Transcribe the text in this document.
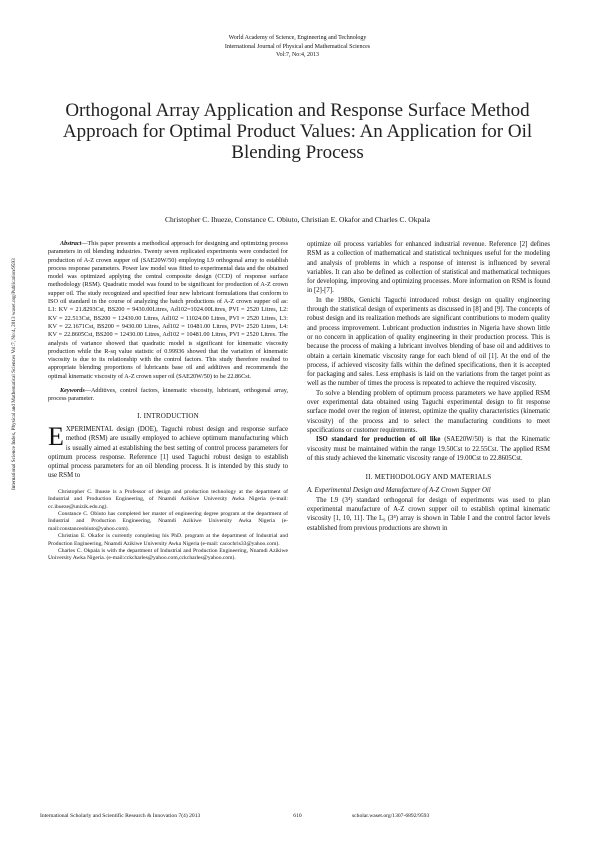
World Academy of Science, Engineering and Technology
International Journal of Physical and Mathematical Sciences
Vol:7, No:4, 2013
International Science Index, Physical and Mathematical Sciences Vol:7, No:4, 2013 waset.org/Publication/9593
Orthogonal Array Application and Response Surface Method Approach for Optimal Product Values: An Application for Oil Blending Process
Christopher C. Ihueze, Constance C. Obiuto, Christian E. Okafor and Charles C. Okpala

Abstract—This paper presents a methodical approach for designing and optimizing process parameters in oil blending industries. Twenty seven replicated experiments were conducted for production of A-Z crown supper oil (SAE20W/50) employing L9 orthogonal array to establish process response parameters. Power law model was fitted to experimental data and the obtained model was optimized applying the central composite design (CCD) of response surface methodology (RSM). Quadratic model was found to be significant for production of A-Z crown supper oil. The study recognized and specified four new lubricant formulations that conform to ISO oil standard in the course of analyzing the batch productions of A-Z crown supper oil as: L1: KV = 21.8293Cst, BS200 = 9430.00Litres, Ad102=1024.00Litres, PVI = 2520 Litres, L2: KV = 22.513Cst, BS200 = 12430.00 Litres, Ad102 = 11024.00 Litres, PVI = 2520 Litres, L3: KV = 22.1671Cst, BS200 = 9430.00 Litres, Ad102 = 10481.00 Litres, PVI= 2520 Litres, L4: KV = 22.8605Cst, BS200 = 12430.00 Litres, Ad102 = 10481.00 Litres, PVI = 2520 Litres. The analysis of variance showed that quadratic model is significant for kinematic viscosity production while the R-sq value statistic of 0.99936 showed that the variation of kinematic viscosity is due to its relationship with the control factors. This study therefore resulted to appropriate blending proportions of lubricants base oil and additives and recommends the optimal kinematic viscosity of A-Z crown super oil (SAE20W/50) to be 22.86Cst.

Keywords—Additives, control factors, kinematic viscosity, lubricant, orthogonal array, process parameter.

I. INTRODUCTION

EXPERIMENTAL design (DOE), Taguchi robust design and response surface method (RSM) are usually employed to achieve optimum manufacturing which is usually aimed at establishing the best setting of control process parameters for optimum process response. Reference [1] used Taguchi robust design to establish optimal process parameters for an oil blending process. It is intended by this study to use RSM to

Christopher C. Ihueze is a Professor of design and production technology at the department of Industrial and Production Engineering, of Nnamdi Azikiwe University Awka Nigeria (e-mail: cc.ihueze@unizik.edu.ng).

Constance C. Obiuto has completed her master of engineering degree program at the department of Industrial and Production Engineering, Nnamdi Azikiwe University Awka Nigeria (e-mail:constanceobiuto@yahoo.com).

Christian E. Okafor is currently completing his PhD. program at the department of Industrial and Production Engineering, Nnamdi Azikiwe University Awka Nigeria (e-mail: cacochris33@yahoo.com).

Charles C. Okpala is with the department of Industrial and Production Engineering, Nnamdi Azikiwe University Awka Nigeria. (e-mail:cckcharles@yahoo.com,cckcharles@yahoo.com).

optimize oil process variables for enhanced industrial revenue. Reference [2] defines RSM as a collection of mathematical and statistical techniques useful for the modeling and analysis of problems in which a response of interest is influenced by several variables. It can also be defined as collection of statistical and mathematical techniques for developing, improving and optimizing processes. More information on RSM is found in [2]-[7].

In the 1980s, Genichi Taguchi introduced robust design on quality engineering through the statistical design of experiments as discussed in [8] and [9]. The concepts of robust design and its realization methods are significant contributions to modern quality and process improvement. Lubricant production industries in Nigeria have shown little or no concern in application of quality engineering in their production process. This is because the process of making a lubricant involves blending of base oil and additives to obtain a certain kinematic viscosity range for each blend of oil [1]. At the end of the process, if achieved viscosity falls within the defined specifications, then it is accepted for packaging and sales. Less emphasis is laid on the variations from the target point as well as the number of times the process is repeated to achieve the required viscosity.

To solve a blending problem of optimum process parameters we have applied RSM over experimental data obtained using Taguchi experimental design to fit response surface model over the region of interest, optimize the quality characteristics (kinematic viscosity) of the process and to select the manufacturing conditions to meet specifications or customer requirements.

ISO standard for production of oil like (SAE20W/50) is that the Kinematic viscosity must be maintained within the range 19.50Cst to 22.55Cst. The applied RSM of this study achieved the kinematic viscosity range of 19.00Cst to 22.8605Cst.

II. METHODOLOGY AND MATERIALS

A. Experimental Design and Manufacture of A-Z Crown Supper Oil

The L9 (3⁴) standard orthogonal for design of experiments was used to plan experimental manufacture of A-Z crown supper oil to establish optimal kinematic viscosity [1, 10, 11]. The L₉ (3⁴) array is shown in Table I and the control factor levels established from previous productions are shown in

International Scholarly and Scientific Research & Innovation 7(4) 2013	610	scholar.waset.org/1307-6892/9593
